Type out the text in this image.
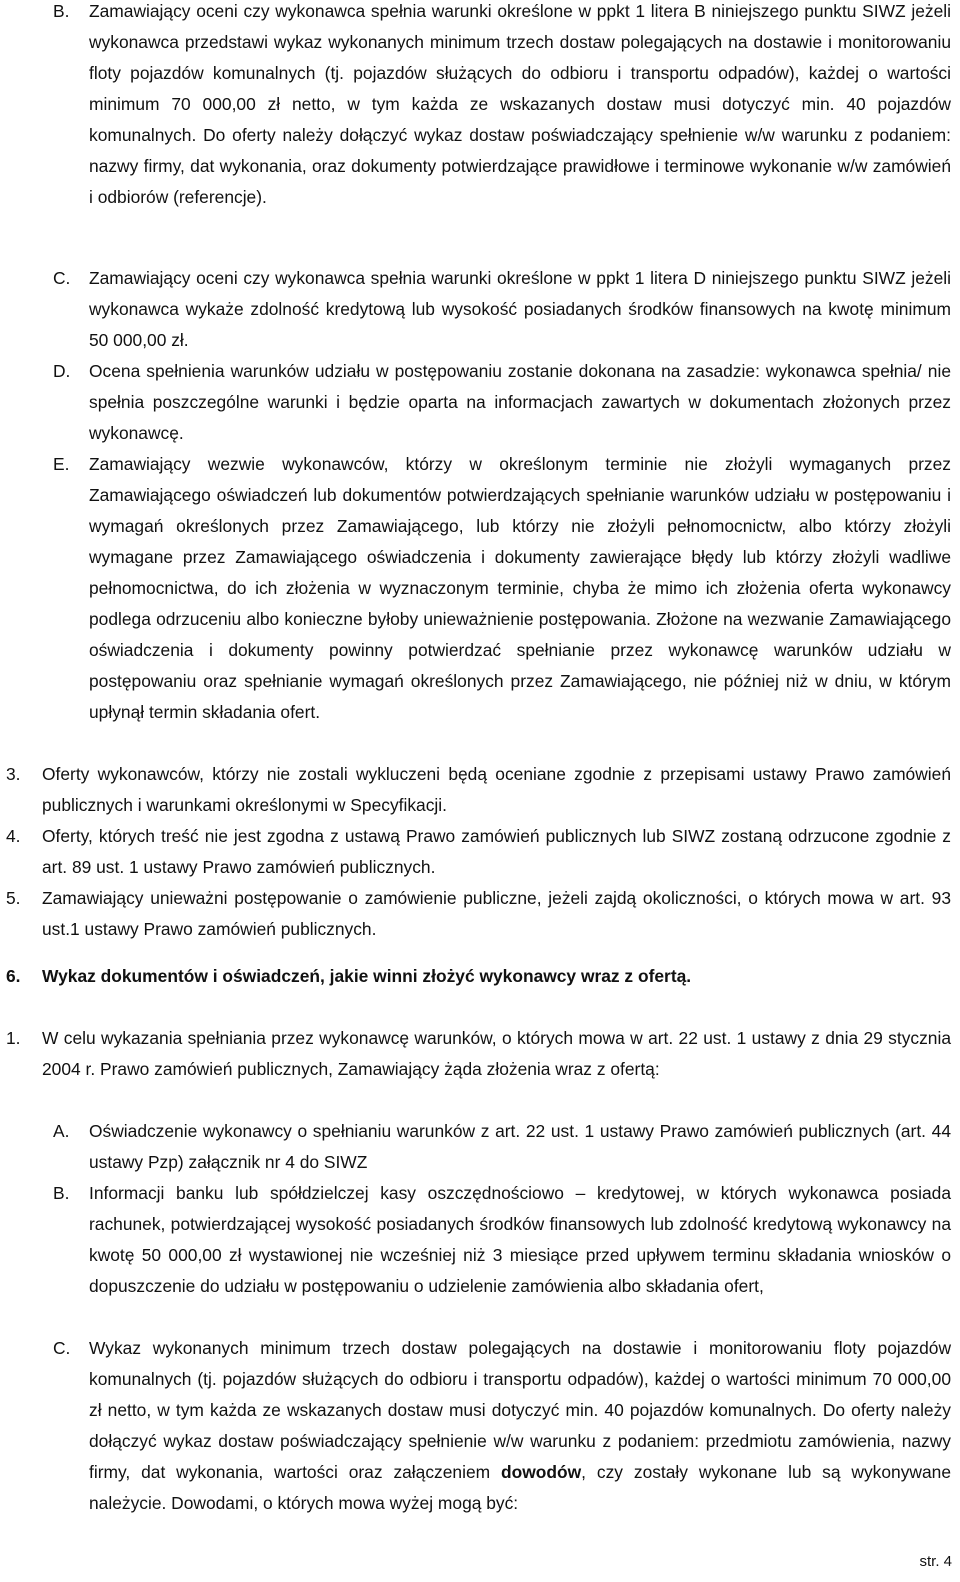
B. Zamawiający oceni czy wykonawca spełnia warunki określone w ppkt 1 litera B niniejszego punktu SIWZ jeżeli wykonawca przedstawi wykaz wykonanych minimum trzech dostaw polegających na dostawie i monitorowaniu floty pojazdów komunalnych (tj. pojazdów służących do odbioru i transportu odpadów), każdej o wartości minimum 70 000,00 zł netto, w tym każda ze wskazanych dostaw musi dotyczyć min. 40 pojazdów komunalnych. Do oferty należy dołączyć wykaz dostaw poświadczający spełnienie w/w warunku z podaniem: nazwy firmy, dat wykonania, oraz dokumenty potwierdzające prawidłowe i terminowe wykonanie w/w zamówień i odbiorów (referencje).
C. Zamawiający oceni czy wykonawca spełnia warunki określone w ppkt 1 litera D niniejszego punktu SIWZ jeżeli wykonawca wykaże zdolność kredytową lub wysokość posiadanych środków finansowych na kwotę minimum 50 000,00 zł.
D. Ocena spełnienia warunków udziału w postępowaniu zostanie dokonana na zasadzie: wykonawca spełnia/ nie spełnia poszczególne warunki i będzie oparta na informacjach zawartych w dokumentach złożonych przez wykonawcę.
E. Zamawiający wezwie wykonawców, którzy w określonym terminie nie złożyli wymaganych przez Zamawiającego oświadczeń lub dokumentów potwierdzających spełnianie warunków udziału w postępowaniu i wymagań określonych przez Zamawiającego, lub którzy nie złożyli pełnomocnictw, albo którzy złożyli wymagane przez Zamawiającego oświadczenia i dokumenty zawierające błędy lub którzy złożyli wadliwe pełnomocnictwa, do ich złożenia w wyznaczonym terminie, chyba że mimo ich złożenia oferta wykonawcy podlega odrzuceniu albo konieczne byłoby unieważnienie postępowania. Złożone na wezwanie Zamawiającego oświadczenia i dokumenty powinny potwierdzać spełnianie przez wykonawcę warunków udziału w postępowaniu oraz spełnianie wymagań określonych przez Zamawiającego, nie później niż w dniu, w którym upłynął termin składania ofert.
3. Oferty wykonawców, którzy nie zostali wykluczeni będą oceniane zgodnie z przepisami ustawy Prawo zamówień publicznych i warunkami określonymi w Specyfikacji.
4. Oferty, których treść nie jest zgodna z ustawą Prawo zamówień publicznych lub SIWZ zostaną odrzucone zgodnie z art. 89 ust. 1 ustawy Prawo zamówień publicznych.
5. Zamawiający unieważni postępowanie o zamówienie publiczne, jeżeli zajdą okoliczności, o których mowa w art. 93 ust.1 ustawy Prawo zamówień publicznych.
6. Wykaz dokumentów i oświadczeń, jakie winni złożyć wykonawcy wraz z ofertą.
1. W celu wykazania spełniania przez wykonawcę warunków, o których mowa w art. 22 ust. 1 ustawy z dnia 29 stycznia 2004 r. Prawo zamówień publicznych, Zamawiający żąda złożenia wraz z ofertą:
A. Oświadczenie wykonawcy o spełnianiu warunków z art. 22 ust. 1 ustawy Prawo zamówień publicznych (art. 44 ustawy Pzp) załącznik nr 4 do SIWZ
B. Informacji banku lub spółdzielczej kasy oszczędnościowo – kredytowej, w których wykonawca posiada rachunek, potwierdzającej wysokość posiadanych środków finansowych lub zdolność kredytową wykonawcy na kwotę 50 000,00 zł wystawionej nie wcześniej niż 3 miesiące przed upływem terminu składania wniosków o dopuszczenie do udziału w postępowaniu o udzielenie zamówienia albo składania ofert,
C. Wykaz wykonanych minimum trzech dostaw polegających na dostawie i monitorowaniu floty pojazdów komunalnych (tj. pojazdów służących do odbioru i transportu odpadów), każdej o wartości minimum 70 000,00 zł netto, w tym każda ze wskazanych dostaw musi dotyczyć min. 40 pojazdów komunalnych. Do oferty należy dołączyć wykaz dostaw poświadczający spełnienie w/w warunku z podaniem: przedmiotu zamówienia, nazwy firmy, dat wykonania, wartości oraz załączeniem dowodów, czy zostały wykonane lub są wykonywane należycie. Dowodami, o których mowa wyżej mogą być:
str. 4
